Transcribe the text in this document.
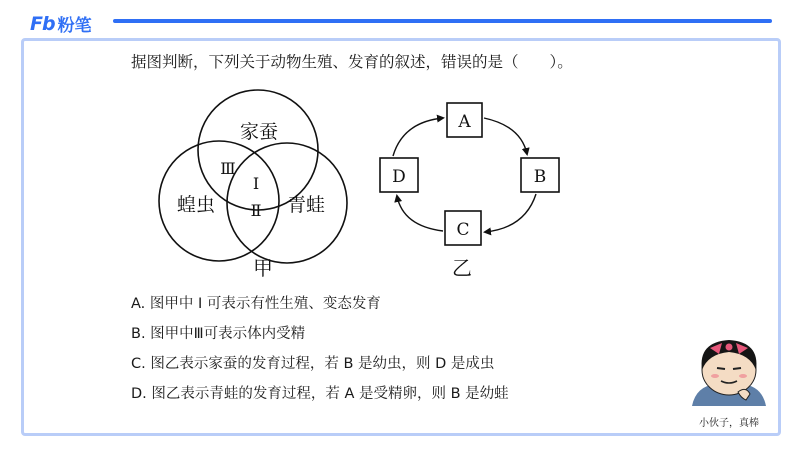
Fb 粉笔
据图判断，下列关于动物生殖、发育的叙述，错误的是（　　）。
家蚕
蝗虫	青蛙
Ⅲ
Ⅰ
Ⅱ
甲
A
B
C
D
乙
A. 图甲中 I 可表示有性生殖、变态发育
B. 图甲中Ⅲ可表示体内受精
C. 图乙表示家蚕的发育过程，若 B 是幼虫，则 D 是成虫
D. 图乙表示青蛙的发育过程，若 A 是受精卵，则 B 是幼蛙
小伙子，真棒
